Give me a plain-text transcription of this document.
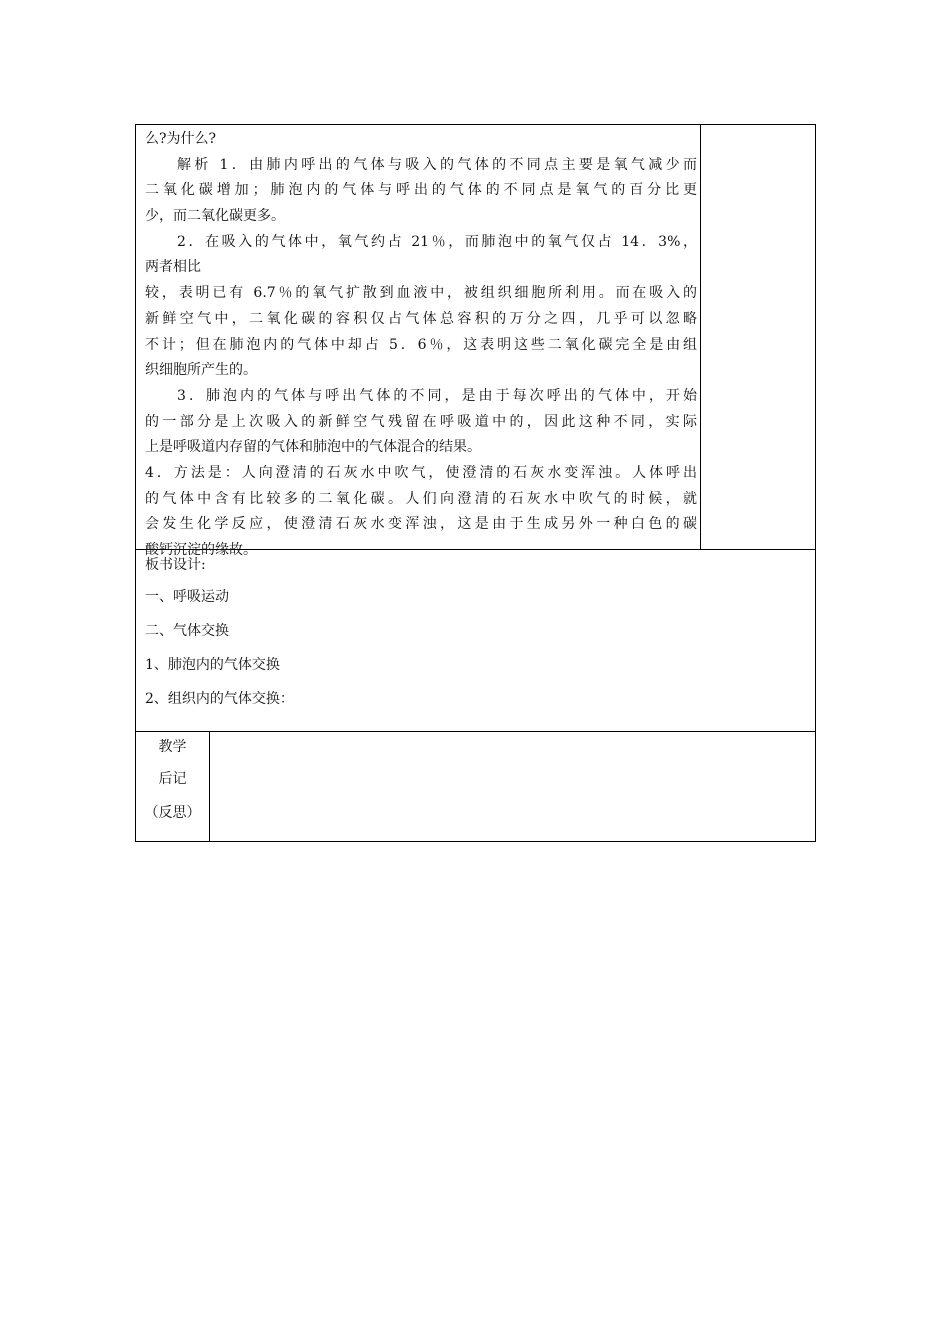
么?为什么?
解析 1．由肺内呼出的气体与吸入的气体的不同点主要是氧气减少而
二氧化碳增加；肺泡内的气体与呼出的气体的不同点是氧气的百分比更
少，而二氧化碳更多。
2．在吸入的气体中，氧气约占 21％，而肺泡中的氧气仅占 14．3%，
两者相比
较，表明已有 6.7％的氧气扩散到血液中，被组织细胞所利用。而在吸入的
新鲜空气中，二氧化碳的容积仅占气体总容积的万分之四，几乎可以忽略
不计；但在肺泡内的气体中却占 5．6％，这表明这些二氧化碳完全是由组
织细胞所产生的。
3．肺泡内的气体与呼出气体的不同，是由于每次呼出的气体中，开始
的一部分是上次吸入的新鲜空气残留在呼吸道中的，因此这种不同，实际
上是呼吸道内存留的气体和肺泡中的气体混合的结果。
4．方法是：人向澄清的石灰水中吹气，使澄清的石灰水变浑浊。人体呼出
的气体中含有比较多的二氧化碳。人们向澄清的石灰水中吹气的时候，就
会发生化学反应，使澄清石灰水变浑浊，这是由于生成另外一种白色的碳
酸钙沉淀的缘故。
板书设计:
一、呼吸运动
二、气体交换
1、肺泡内的气体交换
2、组织内的气体交换：
教学
后记
（反思）
